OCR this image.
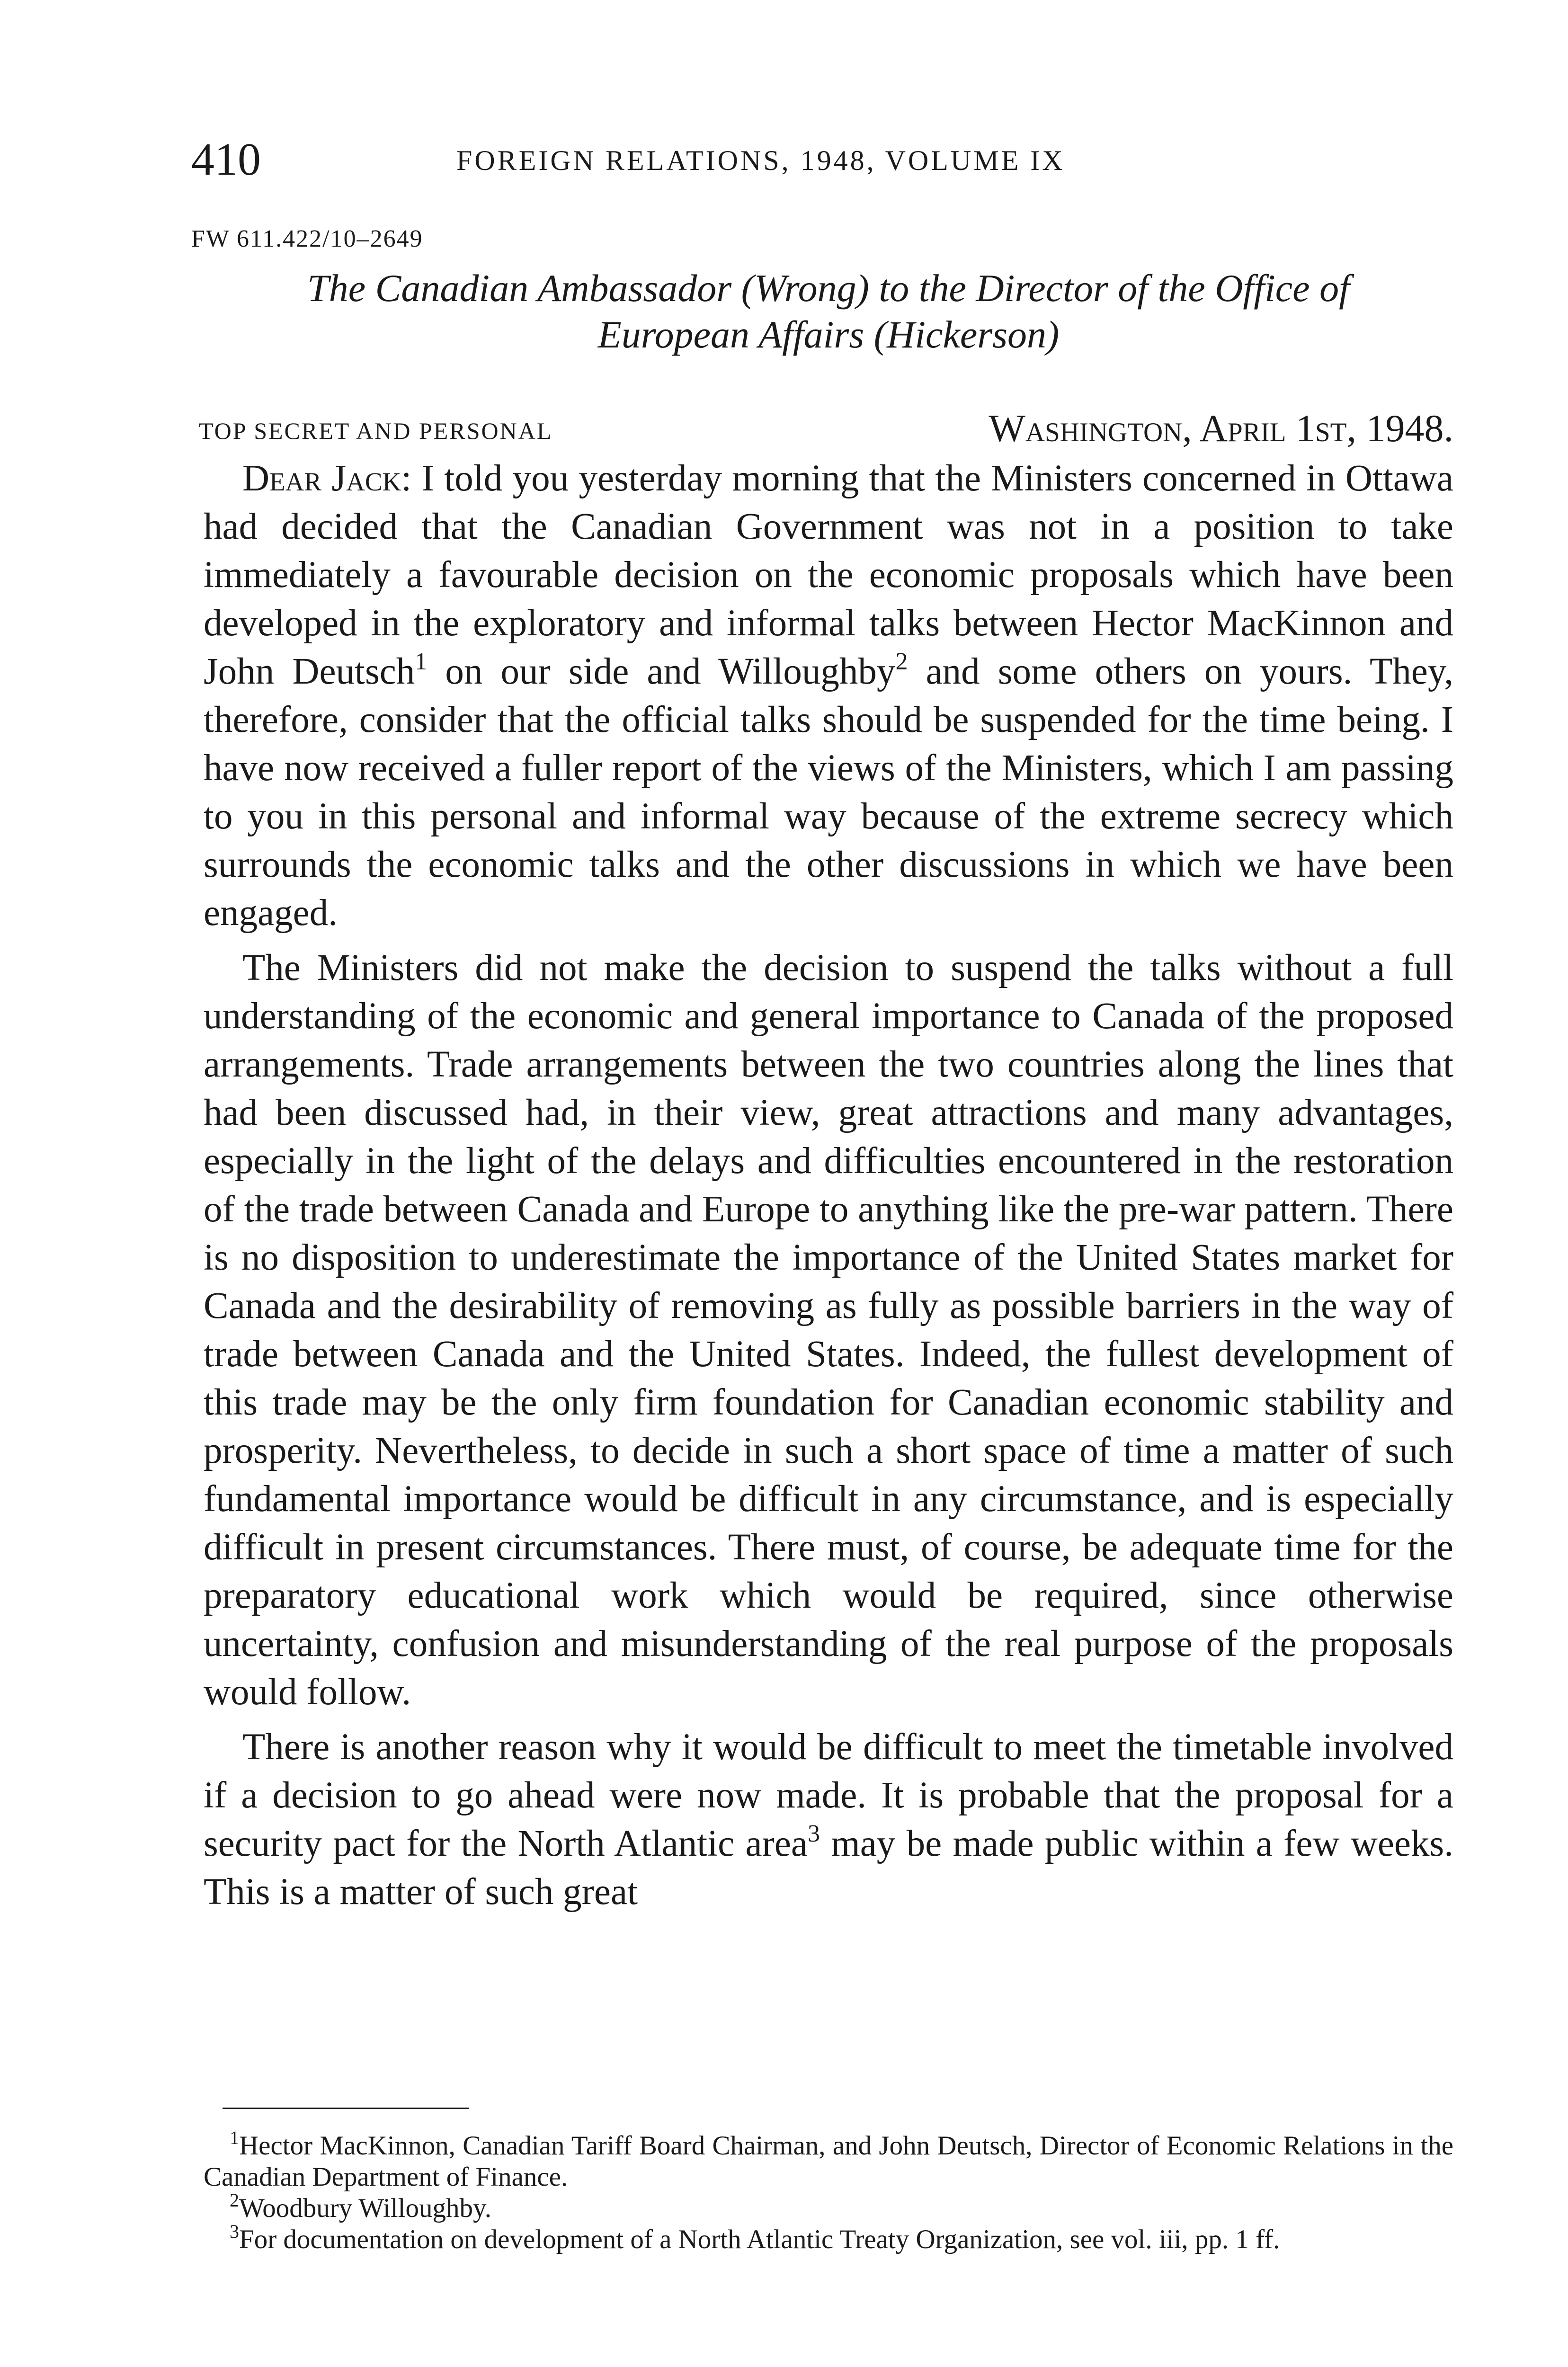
410	FOREIGN RELATIONS, 1948, VOLUME IX
FW 611.422/10–2649
The Canadian Ambassador (Wrong) to the Director of the Office of
European Affairs (Hickerson)
TOP SECRET AND PERSONAL	Washington, April 1st, 1948.

Dear Jack: I told you yesterday morning that the Ministers concerned in Ottawa had decided that the Canadian Government was not in a position to take immediately a favourable decision on the economic proposals which have been developed in the exploratory and informal talks between Hector MacKinnon and John Deutsch$^1$ on our side and Willoughby$^2$ and some others on yours. They, therefore, consider that the official talks should be suspended for the time being. I have now received a fuller report of the views of the Ministers, which I am passing to you in this personal and informal way because of the extreme secrecy which surrounds the economic talks and the other discussions in which we have been engaged.

The Ministers did not make the decision to suspend the talks without a full understanding of the economic and general importance to Canada of the proposed arrangements. Trade arrangements between the two countries along the lines that had been discussed had, in their view, great attractions and many advantages, especially in the light of the delays and difficulties encountered in the restoration of the trade between Canada and Europe to anything like the pre-war pattern. There is no disposition to underestimate the importance of the United States market for Canada and the desirability of removing as fully as possible barriers in the way of trade between Canada and the United States. Indeed, the fullest development of this trade may be the only firm foundation for Canadian economic stability and prosperity. Nevertheless, to decide in such a short space of time a matter of such fundamental importance would be difficult in any circumstance, and is especially difficult in present circumstances. There must, of course, be adequate time for the preparatory educational work which would be required, since otherwise uncertainty, confusion and misunderstanding of the real purpose of the proposals would follow.

There is another reason why it would be difficult to meet the timetable involved if a decision to go ahead were now made. It is probable that the proposal for a security pact for the North Atlantic area$^3$ may be made public within a few weeks. This is a matter of such great

$^1$Hector MacKinnon, Canadian Tariff Board Chairman, and John Deutsch, Director of Economic Relations in the Canadian Department of Finance.

$^2$Woodbury Willoughby.

$^3$For documentation on development of a North Atlantic Treaty Organization, see vol. iii, pp. 1 ff.
